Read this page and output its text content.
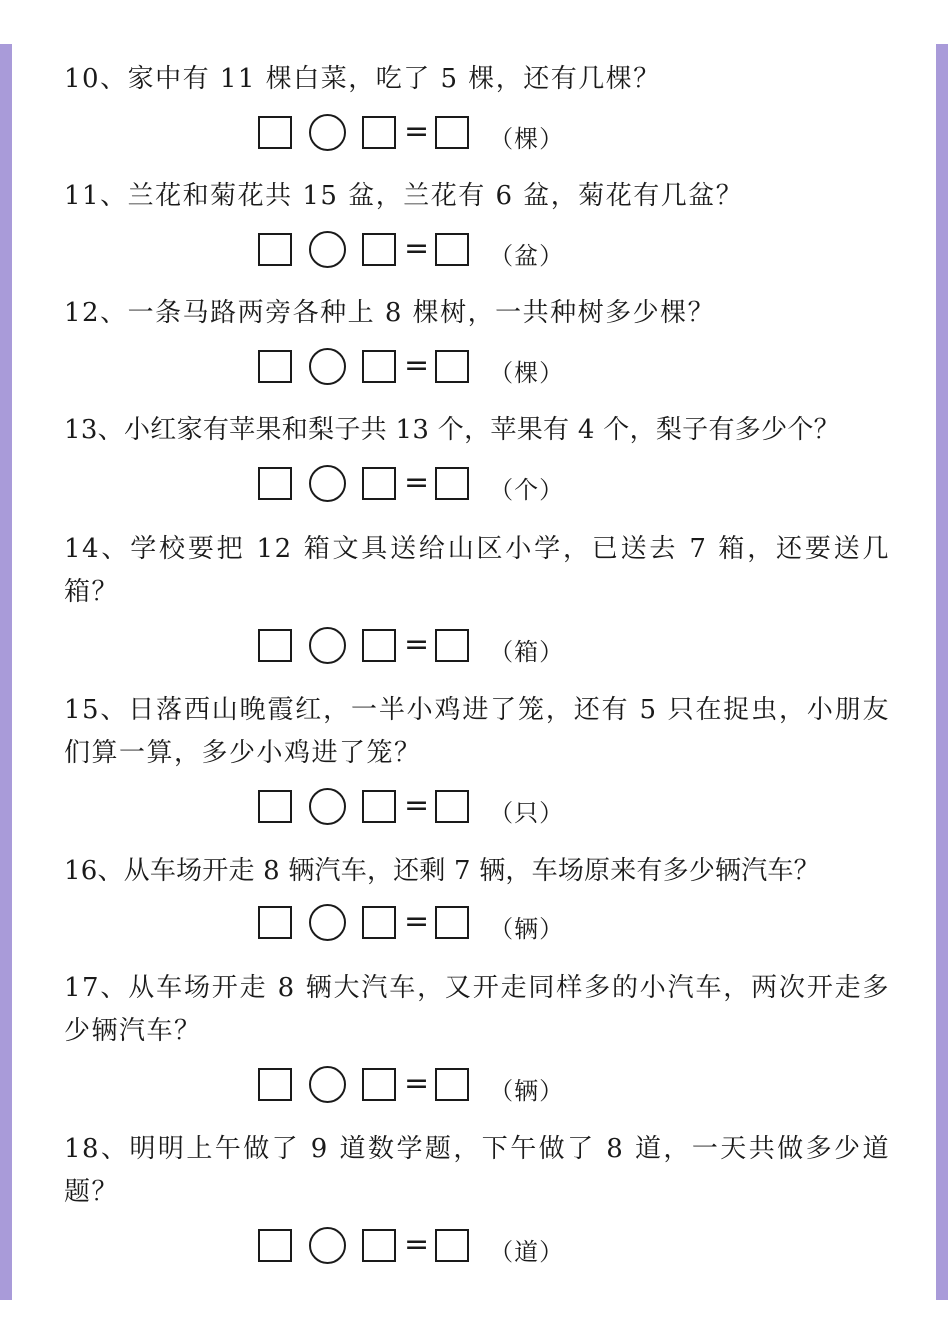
10、家中有 11 棵白菜，吃了 5 棵，还有几棵？

=	（棵）

11、兰花和菊花共 15 盆，兰花有 6 盆，菊花有几盆？

=	（盆）

12、一条马路两旁各种上 8 棵树，一共种树多少棵？

=	（棵）

13、小红家有苹果和梨子共 13 个，苹果有 4 个，梨子有多少个？

=	（个）

14、学校要把 12 箱文具送给山区小学，已送去 7 箱，还要送几箱？

=	（箱）

15、日落西山晚霞红，一半小鸡进了笼，还有 5 只在捉虫，小朋友们算一算，多少小鸡进了笼？

=	（只）

16、从车场开走 8 辆汽车，还剩 7 辆，车场原来有多少辆汽车？

=	（辆）

17、从车场开走 8 辆大汽车，又开走同样多的小汽车，两次开走多少辆汽车？

=	（辆）

18、明明上午做了 9 道数学题，下午做了 8 道，一天共做多少道题？

=	（道）
